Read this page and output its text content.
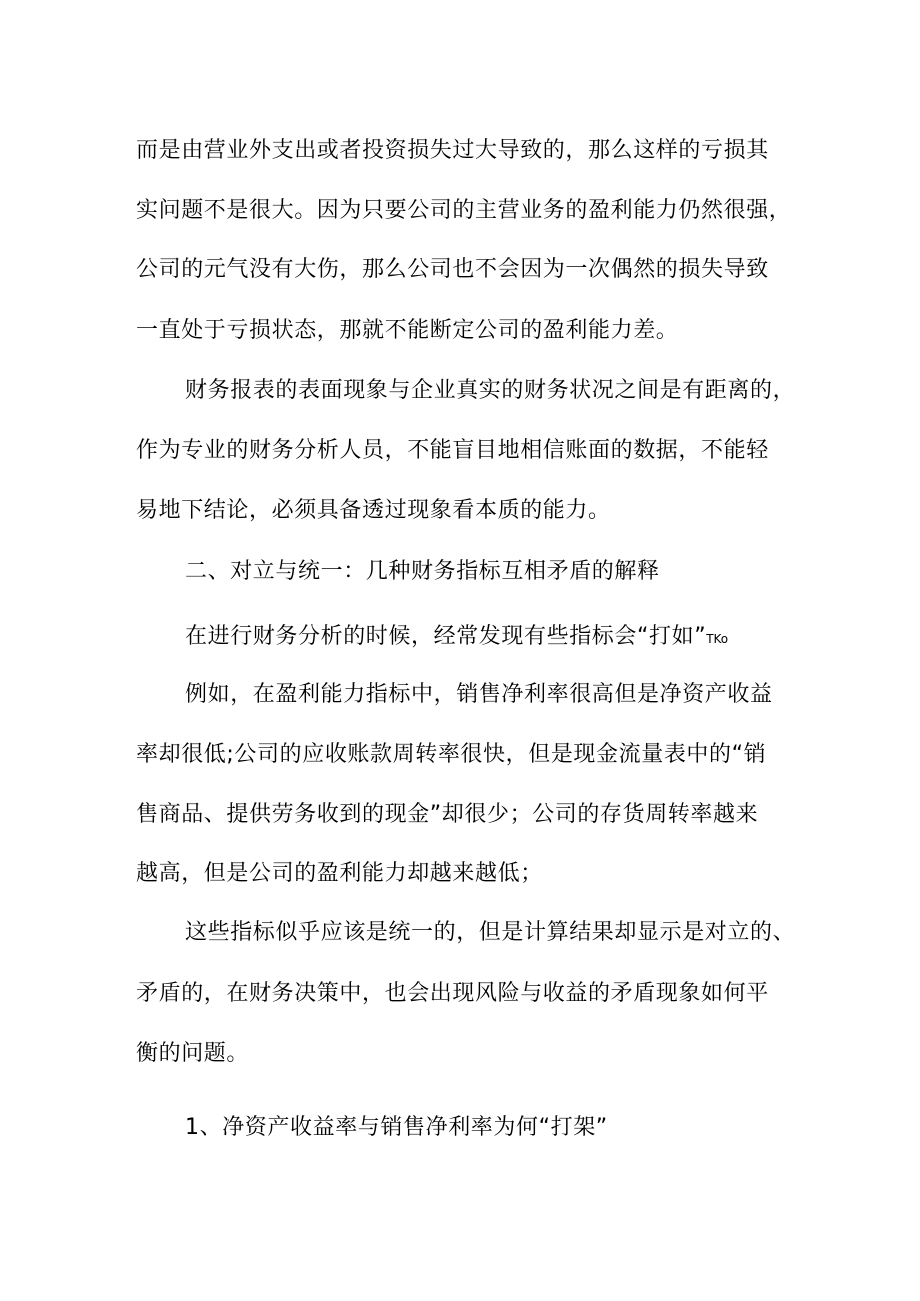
而是由营业外支出或者投资损失过大导致的，那么这样的亏损其
实问题不是很大。因为只要公司的主营业务的盈利能力仍然很强，
公司的元气没有大伤，那么公司也不会因为一次偶然的损失导致
一直处于亏损状态，那就不能断定公司的盈利能力差。
财务报表的表面现象与企业真实的财务状况之间是有距离的，
作为专业的财务分析人员，不能盲目地相信账面的数据，不能轻
易地下结论，必须具备透过现象看本质的能力。
二、对立与统一：几种财务指标互相矛盾的解释
在进行财务分析的时候，经常发现有些指标会“打如”TKo
例如，在盈利能力指标中，销售净利率很高但是净资产收益
率却很低;公司的应收账款周转率很快，但是现金流量表中的“销
售商品、提供劳务收到的现金”却很少；公司的存货周转率越来
越高，但是公司的盈利能力却越来越低；
这些指标似乎应该是统一的，但是计算结果却显示是对立的、
矛盾的，在财务决策中，也会出现风险与收益的矛盾现象如何平
衡的问题。
1、净资产收益率与销售净利率为何“打架”
